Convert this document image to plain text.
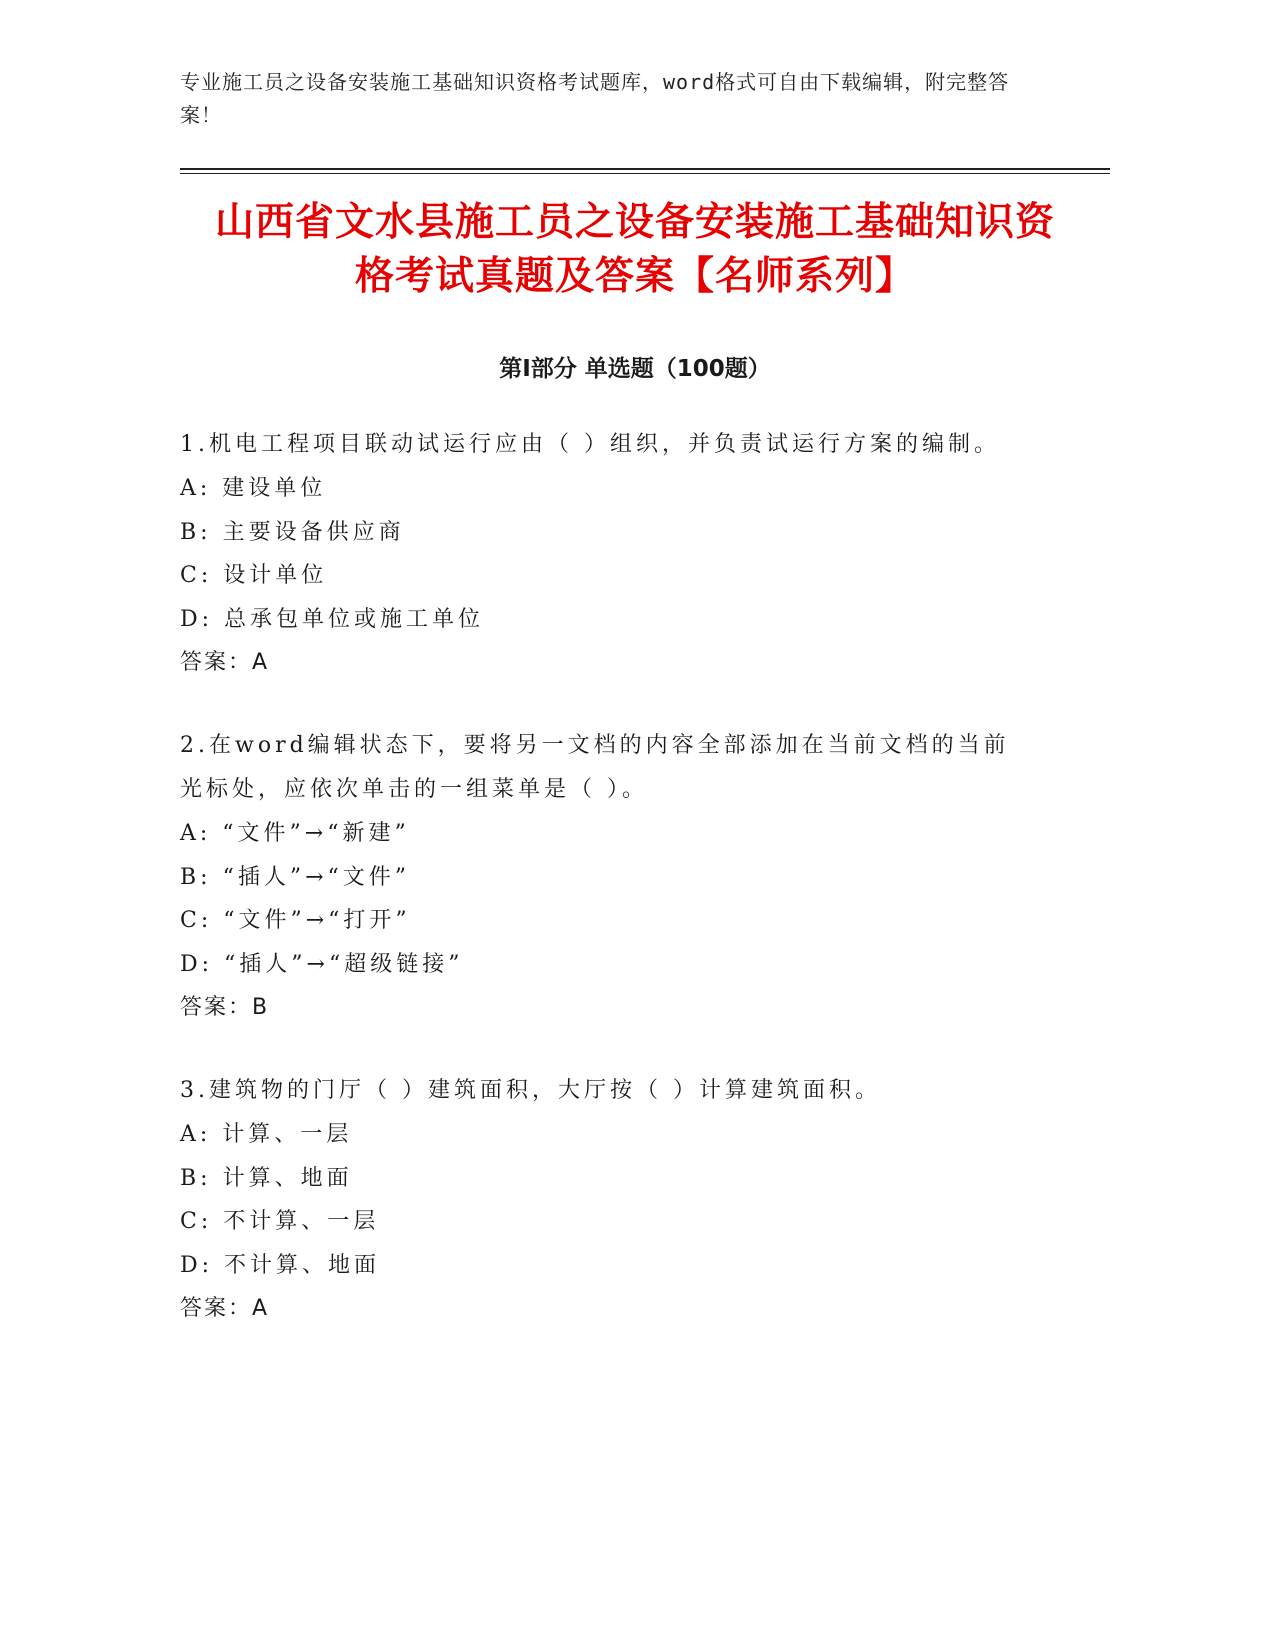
专业施工员之设备安装施工基础知识资格考试题库，word格式可自由下载编辑，附完整答案！
山西省文水县施工员之设备安装施工基础知识资格考试真题及答案【名师系列】
第Ⅰ部分 单选题（100题）
1.机电工程项目联动试运行应由（ ）组织，并负责试运行方案的编制。
A: 建设单位
B: 主要设备供应商
C: 设计单位
D: 总承包单位或施工单位
答案：A
2.在word编辑状态下，要将另一文档的内容全部添加在当前文档的当前光标处，应依次单击的一组菜单是（ ）。
A: “文件”→“新建”
B: “插人”→“文件”
C: “文件”→“打开”
D: “插人”→“超级链接”
答案：B
3.建筑物的门厅（ ）建筑面积，大厅按（ ）计算建筑面积。
A: 计算、一层
B: 计算、地面
C: 不计算、一层
D: 不计算、地面
答案：A
